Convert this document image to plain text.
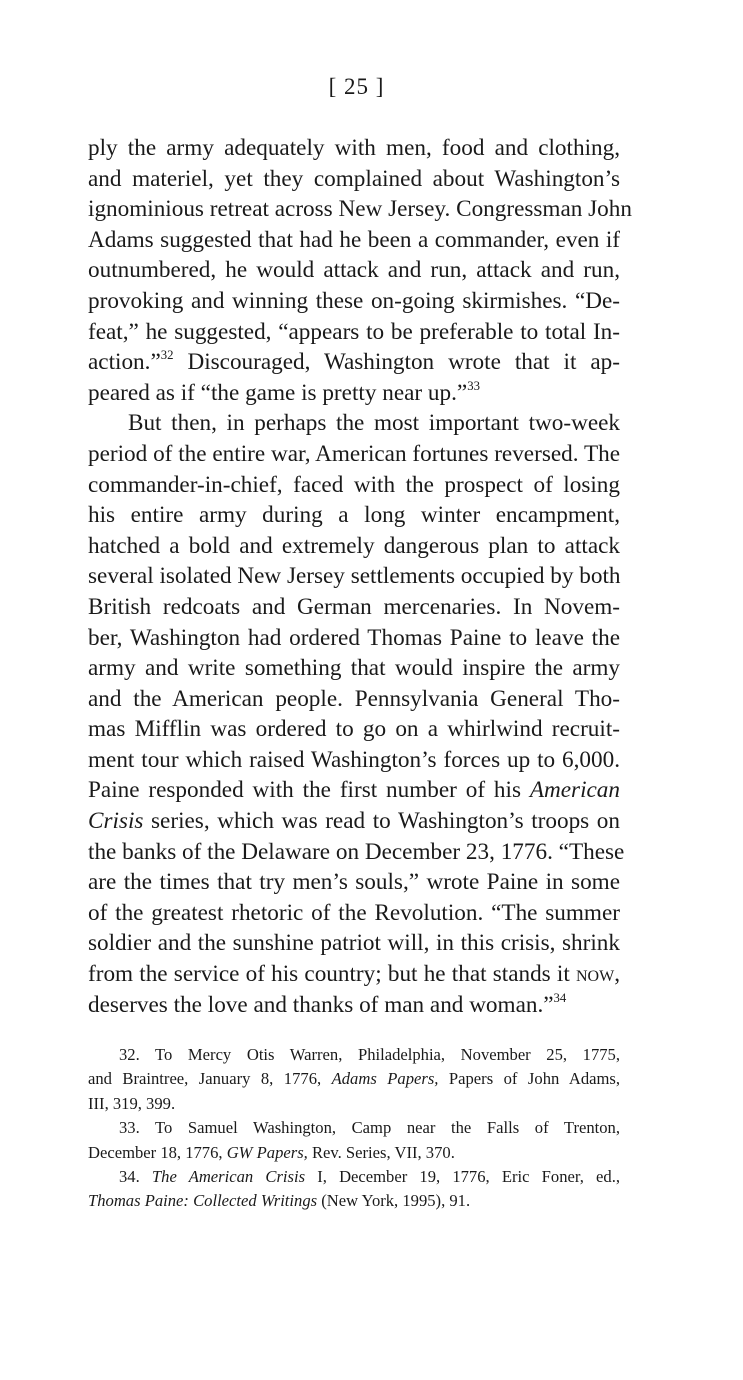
[ 25 ]
ply the army adequately with men, food and clothing,
and materiel, yet they complained about Washington’s
ignominious retreat across New Jersey. Congressman John
Adams suggested that had he been a commander, even if
outnumbered, he would attack and run, attack and run,
provoking and winning these on-going skirmishes. “De-
feat,” he suggested, “appears to be preferable to total In-
action.”$^{32}$ Discouraged, Washington wrote that it ap-
peared as if “the game is pretty near up.”$^{33}$
But then, in perhaps the most important two-week
period of the entire war, American fortunes reversed. The
commander-in-chief, faced with the prospect of losing
his entire army during a long winter encampment,
hatched a bold and extremely dangerous plan to attack
several isolated New Jersey settlements occupied by both
British redcoats and German mercenaries. In Novem-
ber, Washington had ordered Thomas Paine to leave the
army and write something that would inspire the army
and the American people. Pennsylvania General Tho-
mas Mifflin was ordered to go on a whirlwind recruit-
ment tour which raised Washington’s forces up to 6,000.
Paine responded with the first number of his American
Crisis series, which was read to Washington’s troops on
the banks of the Delaware on December 23, 1776. “These
are the times that try men’s souls,” wrote Paine in some
of the greatest rhetoric of the Revolution. “The summer
soldier and the sunshine patriot will, in this crisis, shrink
from the service of his country; but he that stands it now,
deserves the love and thanks of man and woman.”$^{34}$
32. To Mercy Otis Warren, Philadelphia, November 25, 1775,
and Braintree, January 8, 1776, Adams Papers, Papers of John Adams,
III, 319, 399.
33. To Samuel Washington, Camp near the Falls of Trenton,
December 18, 1776, GW Papers, Rev. Series, VII, 370.
34. The American Crisis I, December 19, 1776, Eric Foner, ed.,
Thomas Paine: Collected Writings (New York, 1995), 91.
